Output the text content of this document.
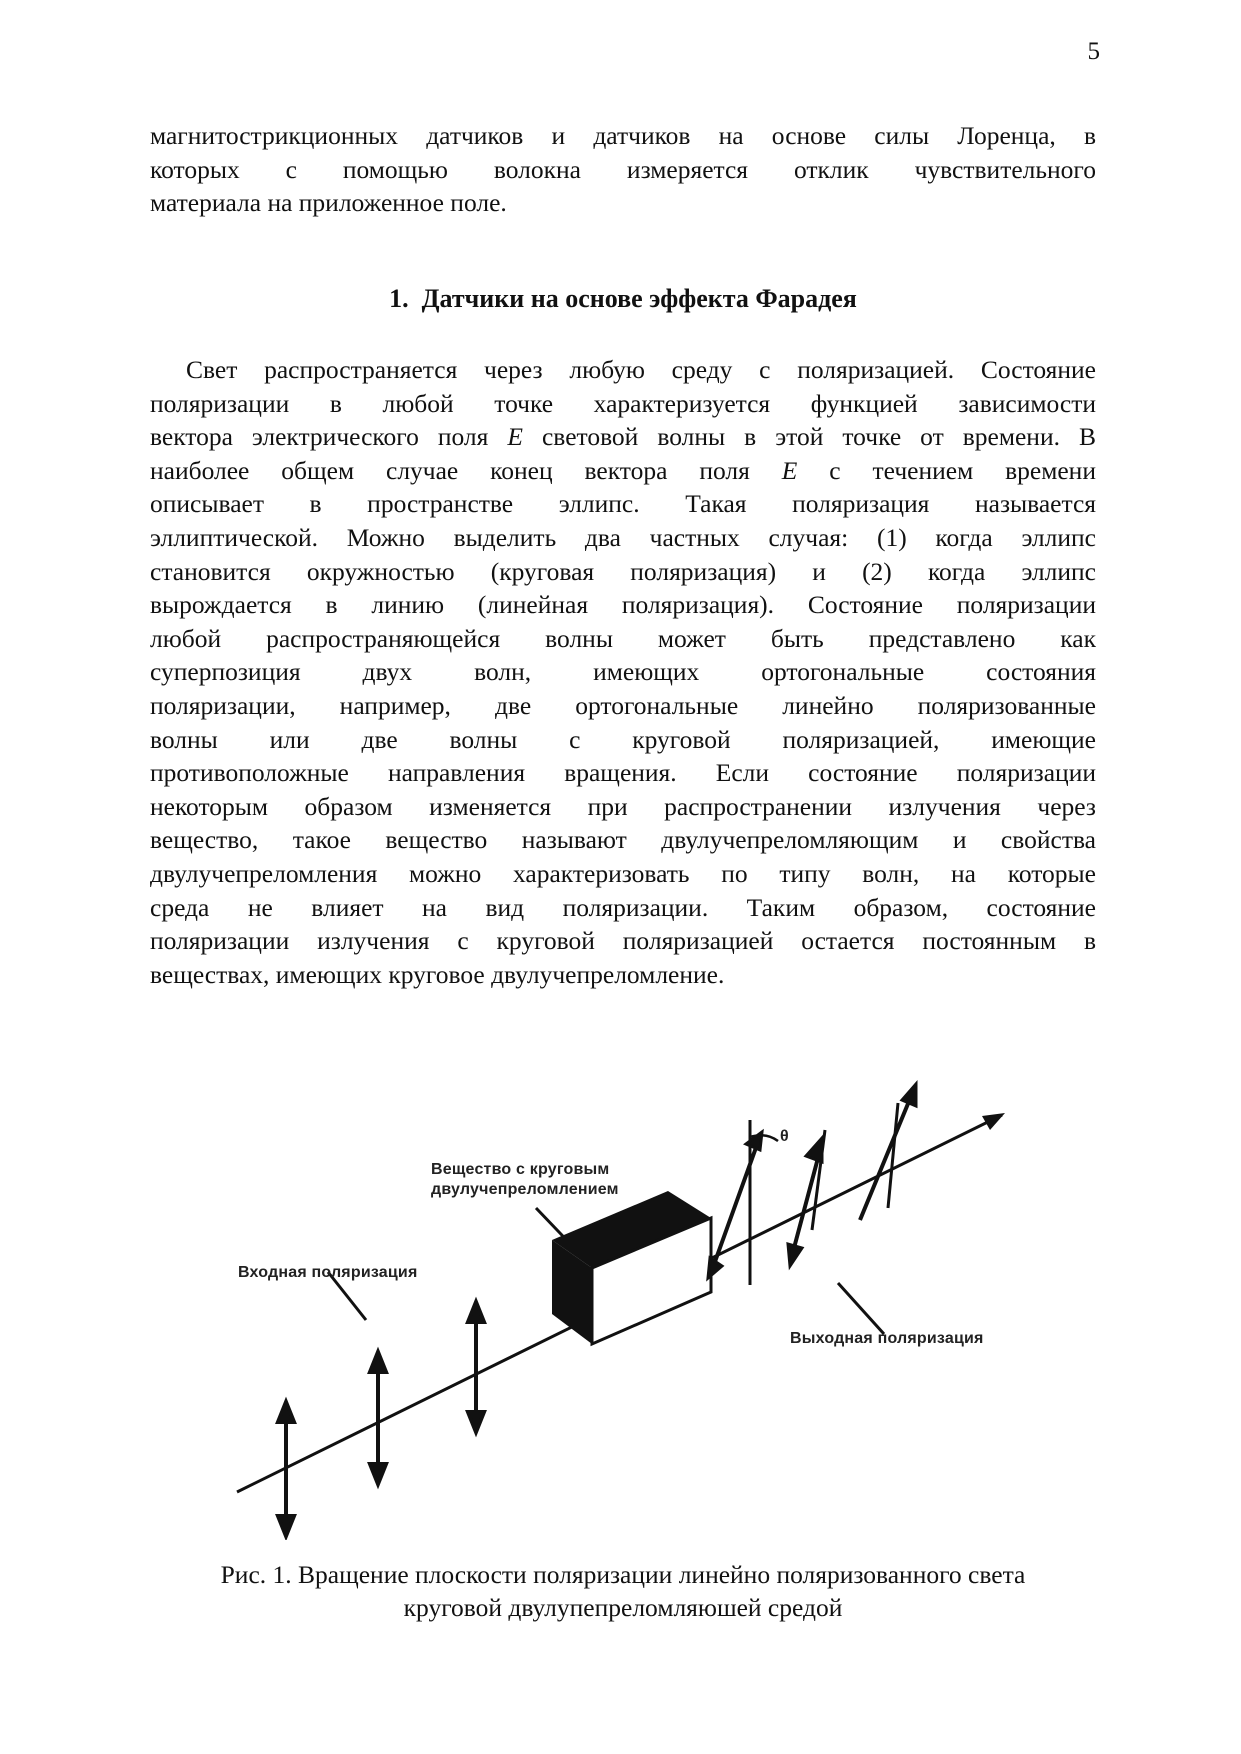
5
магнитострикционных датчиков и датчиков на основе силы Лоренца, в
которых с помощью волокна измеряется отклик чувствительного
материала на приложенное поле.
1. Датчики на основе эффекта Фарадея
Свет распространяется через любую среду с поляризацией. Состояние
поляризации в любой точке характеризуется функцией зависимости
вектора электрического поля E световой волны в этой точке от времени. В
наиболее общем случае конец вектора поля E с течением времени
описывает в пространстве эллипс. Такая поляризация называется
эллиптической. Можно выделить два частных случая: (1) когда эллипс
становится окружностью (круговая поляризация) и (2) когда эллипс
вырождается в линию (линейная поляризация). Состояние поляризации
любой распространяющейся волны может быть представлено как
суперпозиция двух волн, имеющих ортогональные состояния
поляризации, например, две ортогональные линейно поляризованные
волны или две волны с круговой поляризацией, имеющие
противоположные направления вращения. Если состояние поляризации
некоторым образом изменяется при распространении излучения через
вещество, такое вещество называют двулучепреломляющим и свойства
двулучепреломления можно характеризовать по типу волн, на которые
среда не влияет на вид поляризации. Таким образом, состояние
поляризации излучения с круговой поляризацией остается постоянным в
веществах, имеющих круговое двулучепреломление.
θ
Вещество с круговым
двулучепреломлением
Входная поляризация
Выходная поляризация
Рис. 1. Вращение плоскости поляризации линейно поляризованного света
круговой двулупепреломляюшей средой
